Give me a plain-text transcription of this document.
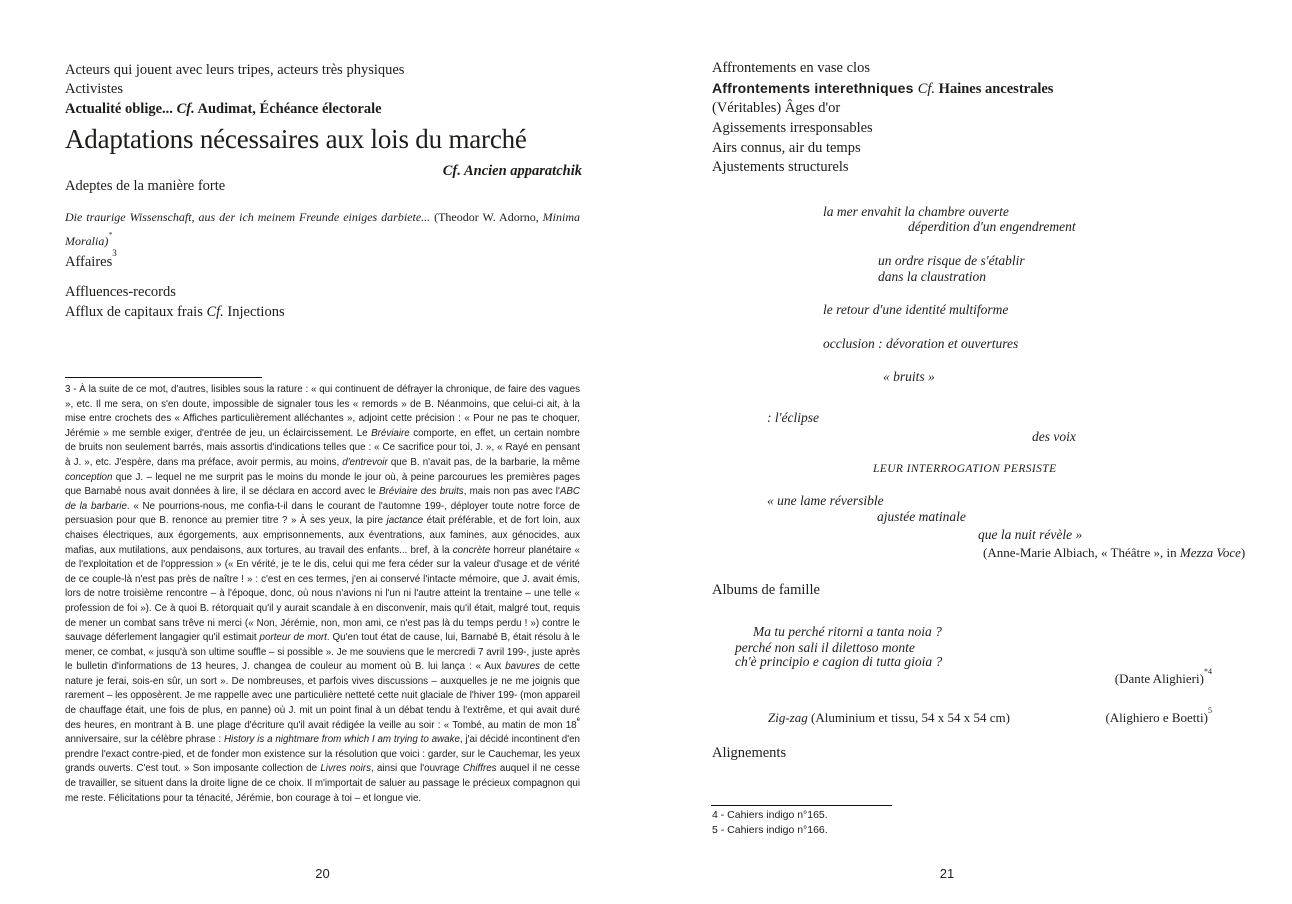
Acteurs qui jouent avec leurs tripes, acteurs très physiques
Activistes
Actualité oblige... Cf. Audimat, Échéance électorale
Adaptations nécessaires aux lois du marché
Cf. Ancien apparatchik
Adeptes de la manière forte
Die traurige Wissenschaft, aus der ich meinem Freunde einiges darbiete... (Theodor W. Adorno, Minima
Moralia)*
Affaires$^3$
Affluences-records
Afflux de capitaux frais Cf. Injections
3 - À la suite de ce mot, d'autres, lisibles sous la rature : « qui continuent de défrayer la chronique, de faire des vagues », etc. Il me sera, on s'en doute, impossible de signaler tous les « remords » de B. Néanmoins, que celui-ci ait, à la mise entre crochets des « Affiches particulièrement alléchantes », adjoint cette précision : « Pour ne pas te choquer, Jérémie » me semble exiger, d'entrée de jeu, un éclaircissement. Le Bréviaire comporte, en effet, un certain nombre de bruits non seulement barrés, mais assortis d'indications telles que : « Ce sacrifice pour toi, J. », « Rayé en pensant à J. », etc. J'espère, dans ma préface, avoir permis, au moins, d'entrevoir que B. n'avait pas, de la barbarie, la même conception que J. – lequel ne me surprit pas le moins du monde le jour où, à peine parcourues les premières pages que Barnabé nous avait données à lire, il se déclara en accord avec le Bréviaire des bruits, mais non pas avec l'ABC de la barbarie. « Ne pourrions-nous, me confia-t-il dans le courant de l'automne 199-, déployer toute notre force de persuasion pour que B. renonce au premier titre ? » À ses yeux, la pire jactance était préférable, et de fort loin, aux chaises électriques, aux égorgements, aux emprisonnements, aux éventrations, aux famines, aux génocides, aux mafias, aux mutilations, aux pendaisons, aux tortures, au travail des enfants... bref, à la concrète horreur planétaire « de l'exploitation et de l'oppression » (« En vérité, je te le dis, celui qui me fera céder sur la valeur d'usage et de vérité de ce couple-là n'est pas près de naître ! » : c'est en ces termes, j'en ai conservé l'intacte mémoire, que J. avait émis, lors de notre troisième rencontre – à l'époque, donc, où nous n'avions ni l'un ni l'autre atteint la trentaine – une telle « profession de foi »). Ce à quoi B. rétorquait qu'il y aurait scandale à en disconvenir, mais qu'il était, malgré tout, requis de mener un combat sans trêve ni merci (« Non, Jérémie, non, mon ami, ce n'est pas là du temps perdu ! ») contre le sauvage déferlement langagier qu'il estimait porteur de mort. Qu'en tout état de cause, lui, Barnabé B, était résolu à le mener, ce combat, « jusqu'à son ultime souffle – si possible ». Je me souviens que le mercredi 7 avril 199-, juste après le bulletin d'informations de 13 heures, J. changea de couleur au moment où B. lui lança : « Aux bavures de cette nature je ferai, sois-en sûr, un sort ». De nombreuses, et parfois vives discussions – auxquelles je ne me joignis que rarement – les opposèrent. Je me rappelle avec une particulière netteté cette nuit glaciale de l'hiver 199- (mon appareil de chauffage était, une fois de plus, en panne) où J. mit un point final à un débat tendu à l'extrême, et qui avait duré des heures, en montrant à B. une plage d'écriture qu'il avait rédigée la veille au soir : « Tombé, au matin de mon 18e anniversaire, sur la célèbre phrase : History is a nightmare from which I am trying to awake, j'ai décidé incontinent d'en prendre l'exact contre-pied, et de fonder mon existence sur la résolution que voici : garder, sur le Cauchemar, les yeux grands ouverts. C'est tout. » Son imposante collection de Livres noirs, ainsi que l'ouvrage Chiffres auquel il ne cesse de travailler, se situent dans la droite ligne de ce choix. Il m'importait de saluer au passage le précieux compagnon qui me reste. Félicitations pour ta ténacité, Jérémie, bon courage à toi – et longue vie.
20
Affrontements en vase clos
Affrontements interethniques Cf. Haines ancestrales
(Véritables) Âges d'or
Agissements irresponsables
Airs connus, air du temps
Ajustements structurels
la mer envahit la chambre ouverte
déperdition d'un engendrement
un ordre risque de s'établir
dans la claustration
le retour d'une identité multiforme
occlusion : dévoration et ouvertures
« bruits »
: l'éclipse
des voix
LEUR INTERROGATION PERSISTE
« une lame réversible
ajustée matinale
que la nuit révèle »
(Anne-Marie Albiach, « Théâtre », in Mezza Voce)
Albums de famille
Ma tu perché ritorni a tanta noia ?
perché non sali il dilettoso monte
ch'è principio e cagion di tutta gioia ?
(Dante Alighieri)$^{*4}$
Zig-zag (Aluminium et tissu, 54 x 54 x 54 cm)	(Alighiero e Boetti)$^5$
Alignements
4 - Cahiers indigo n°165.
5 - Cahiers indigo n°166.
21
